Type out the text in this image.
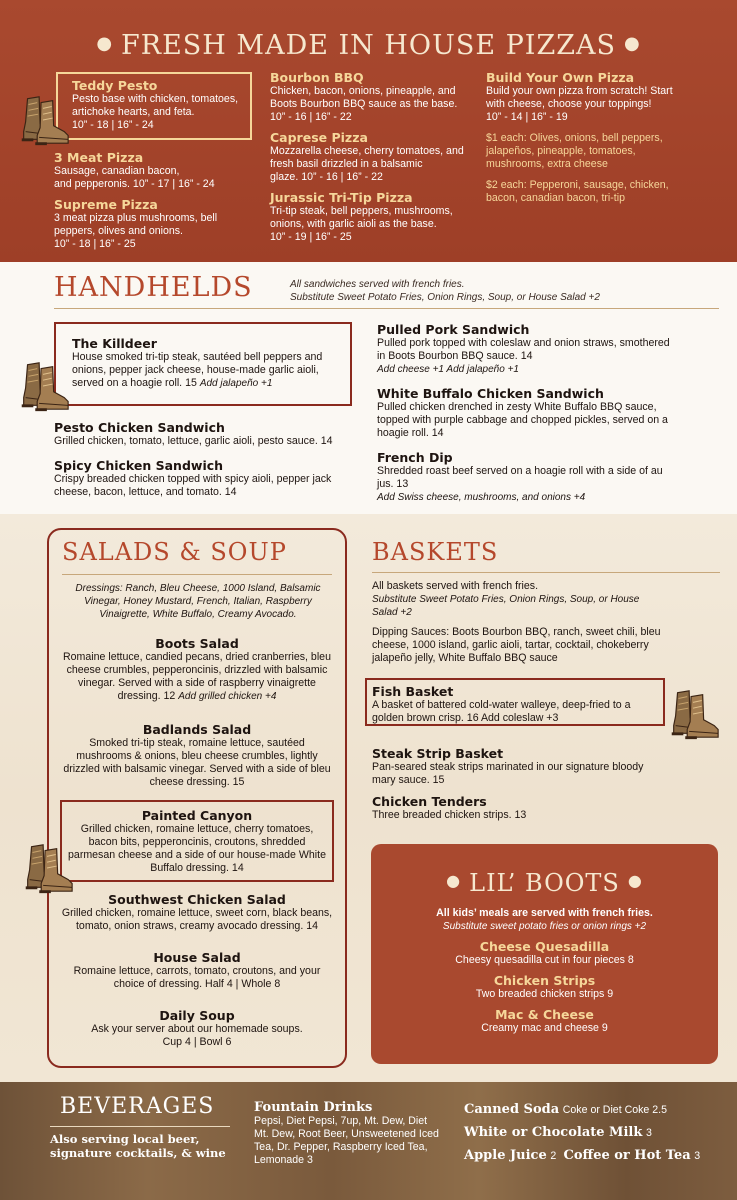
● FRESH MADE IN HOUSE PIZZAS ●
Teddy Pesto
Pesto base with chicken, tomatoes, artichoke hearts, and feta.
10” - 18 | 16” - 24
3 Meat Pizza
Sausage, canadian bacon,
and pepperonis. 10” - 17 | 16” - 24
Supreme Pizza
3 meat pizza plus mushrooms, bell peppers, olives and onions.
10” - 18 | 16” - 25
Bourbon BBQ
Chicken, bacon, onions, pineapple, and Boots Bourbon BBQ sauce as the base.
10” - 16 | 16” - 22
Caprese Pizza
Mozzarella cheese, cherry tomatoes, and fresh basil drizzled in a balsamic
glaze. 10” - 16 | 16” - 22
Jurassic Tri-Tip Pizza
Tri-tip steak, bell peppers, mushrooms, onions, with garlic aioli as the base.
10” - 19 | 16” - 25
Build Your Own Pizza
Build your own pizza from scratch! Start with cheese, choose your toppings!
10” - 14 | 16” - 19

$1 each: Olives, onions, bell peppers, jalapeños, pineapple, tomatoes, mushrooms, extra cheese

$2 each: Pepperoni, sausage, chicken, bacon, canadian bacon, tri-tip

HANDHELDS	All sandwiches served with french fries.
Substitute Sweet Potato Fries, Onion Rings, Soup, or House Salad +2
The Killdeer
House smoked tri-tip steak, sautéed bell peppers and onions, pepper jack cheese, house-made garlic aioli, served on a hoagie roll. 15 Add jalapeño +1
Pesto Chicken Sandwich
Grilled chicken, tomato, lettuce, garlic aioli, pesto sauce. 14
Spicy Chicken Sandwich
Crispy breaded chicken topped with spicy aioli, pepper jack cheese, bacon, lettuce, and tomato. 14
Pulled Pork Sandwich
Pulled pork topped with coleslaw and onion straws, smothered in Boots Bourbon BBQ sauce. 14
Add cheese +1 Add jalapeño +1
White Buffalo Chicken Sandwich
Pulled chicken drenched in zesty White Buffalo BBQ sauce, topped with purple cabbage and chopped pickles, served on a hoagie roll. 14
French Dip
Shredded roast beef served on a hoagie roll with a side of au jus. 13
Add Swiss cheese, mushrooms, and onions +4
SALADS & SOUP
Dressings: Ranch, Bleu Cheese, 1000 Island, Balsamic Vinegar, Honey Mustard, French, Italian, Raspberry Vinaigrette, White Buffalo, Creamy Avocado.
Boots Salad
Romaine lettuce, candied pecans, dried cranberries, bleu cheese crumbles, pepperoncinis, drizzled with balsamic vinegar. Served with a side of raspberry vinaigrette dressing. 12 Add grilled chicken +4
Badlands Salad
Smoked tri-tip steak, romaine lettuce, sautéed mushrooms & onions, bleu cheese crumbles, lightly drizzled with balsamic vinegar. Served with a side of bleu cheese dressing. 15
Painted Canyon
Grilled chicken, romaine lettuce, cherry tomatoes, bacon bits, pepperoncinis, croutons, shredded parmesan cheese and a side of our house-made White Buffalo dressing. 14
Southwest Chicken Salad
Grilled chicken, romaine lettuce, sweet corn, black beans, tomato, onion straws, creamy avocado dressing. 14
House Salad
Romaine lettuce, carrots, tomato, croutons, and your choice of dressing. Half 4 | Whole 8
Daily Soup
Ask your server about our homemade soups.
Cup 4 | Bowl 6
BASKETS
All baskets served with french fries.
Substitute Sweet Potato Fries, Onion Rings, Soup, or House Salad +2
Dipping Sauces: Boots Bourbon BBQ, ranch, sweet chili, bleu cheese, 1000 island, garlic aioli, tartar, cocktail, chokeberry jalapeño jelly, White Buffalo BBQ sauce
Fish Basket
A basket of battered cold-water walleye, deep-fried to a golden brown crisp. 16 Add coleslaw +3
Steak Strip Basket
Pan-seared steak strips marinated in our signature bloody mary sauce. 15
Chicken Tenders
Three breaded chicken strips. 13
● LIL’ BOOTS ●
All kids’ meals are served with french fries.
Substitute sweet potato fries or onion rings +2
Cheese Quesadilla
Cheesy quesadilla cut in four pieces 8
Chicken Strips
Two breaded chicken strips 9
Mac & Cheese
Creamy mac and cheese 9
BEVERAGES
Also serving local beer, signature cocktails, & wine
Fountain Drinks
Pepsi, Diet Pepsi, 7up, Mt. Dew, Diet Mt. Dew, Root Beer, Unsweetened Iced Tea, Dr. Pepper, Raspberry Iced Tea, Lemonade 3
Canned Soda Coke or Diet Coke 2.5
White or Chocolate Milk 3
Apple Juice 2 Coffee or Hot Tea 3
